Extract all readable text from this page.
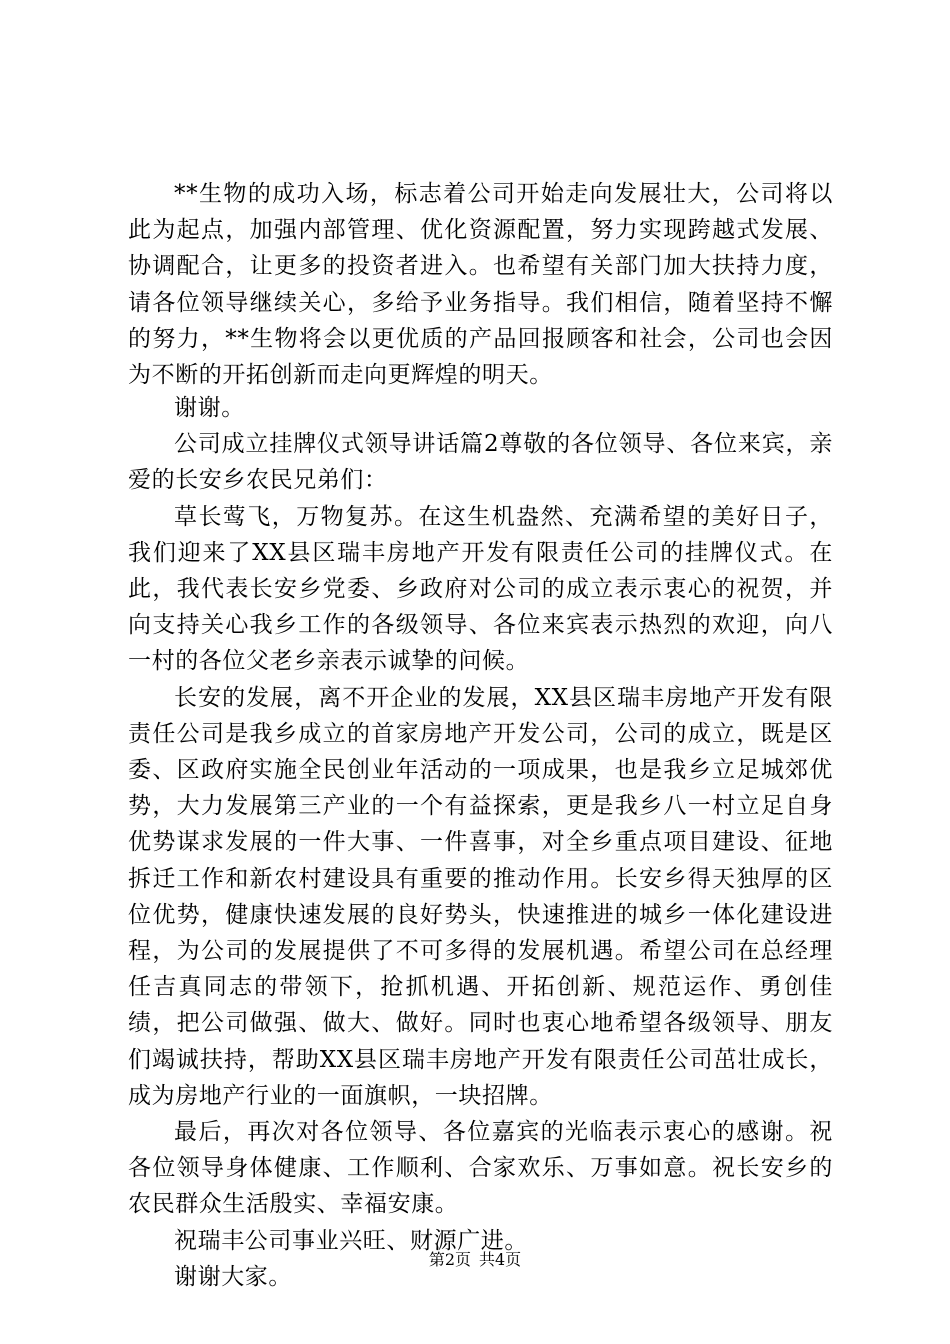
**生物的成功入场，标志着公司开始走向发展壮大，公司将以此为起点，加强内部管理、优化资源配置，努力实现跨越式发展、协调配合，让更多的投资者进入。也希望有关部门加大扶持力度，请各位领导继续关心，多给予业务指导。我们相信，随着坚持不懈的努力，**生物将会以更优质的产品回报顾客和社会，公司也会因为不断的开拓创新而走向更辉煌的明天。

谢谢。

公司成立挂牌仪式领导讲话篇2尊敬的各位领导、各位来宾，亲爱的长安乡农民兄弟们：

草长莺飞，万物复苏。在这生机盎然、充满希望的美好日子，我们迎来了XX县区瑞丰房地产开发有限责任公司的挂牌仪式。在此，我代表长安乡党委、乡政府对公司的成立表示衷心的祝贺，并向支持关心我乡工作的各级领导、各位来宾表示热烈的欢迎，向八一村的各位父老乡亲表示诚挚的问候。

长安的发展，离不开企业的发展，XX县区瑞丰房地产开发有限责任公司是我乡成立的首家房地产开发公司，公司的成立，既是区委、区政府实施全民创业年活动的一项成果，也是我乡立足城郊优势，大力发展第三产业的一个有益探索，更是我乡八一村立足自身优势谋求发展的一件大事、一件喜事，对全乡重点项目建设、征地拆迁工作和新农村建设具有重要的推动作用。长安乡得天独厚的区位优势，健康快速发展的良好势头，快速推进的城乡一体化建设进程，为公司的发展提供了不可多得的发展机遇。希望公司在总经理任吉真同志的带领下，抢抓机遇、开拓创新、规范运作、勇创佳绩，把公司做强、做大、做好。同时也衷心地希望各级领导、朋友们竭诚扶持，帮助XX县区瑞丰房地产开发有限责任公司茁壮成长，成为房地产行业的一面旗帜，一块招牌。

最后，再次对各位领导、各位嘉宾的光临表示衷心的感谢。祝各位领导身体健康、工作顺利、合家欢乐、万事如意。祝长安乡的农民群众生活殷实、幸福安康。

祝瑞丰公司事业兴旺、财源广进。

谢谢大家。

第2页 共4页
